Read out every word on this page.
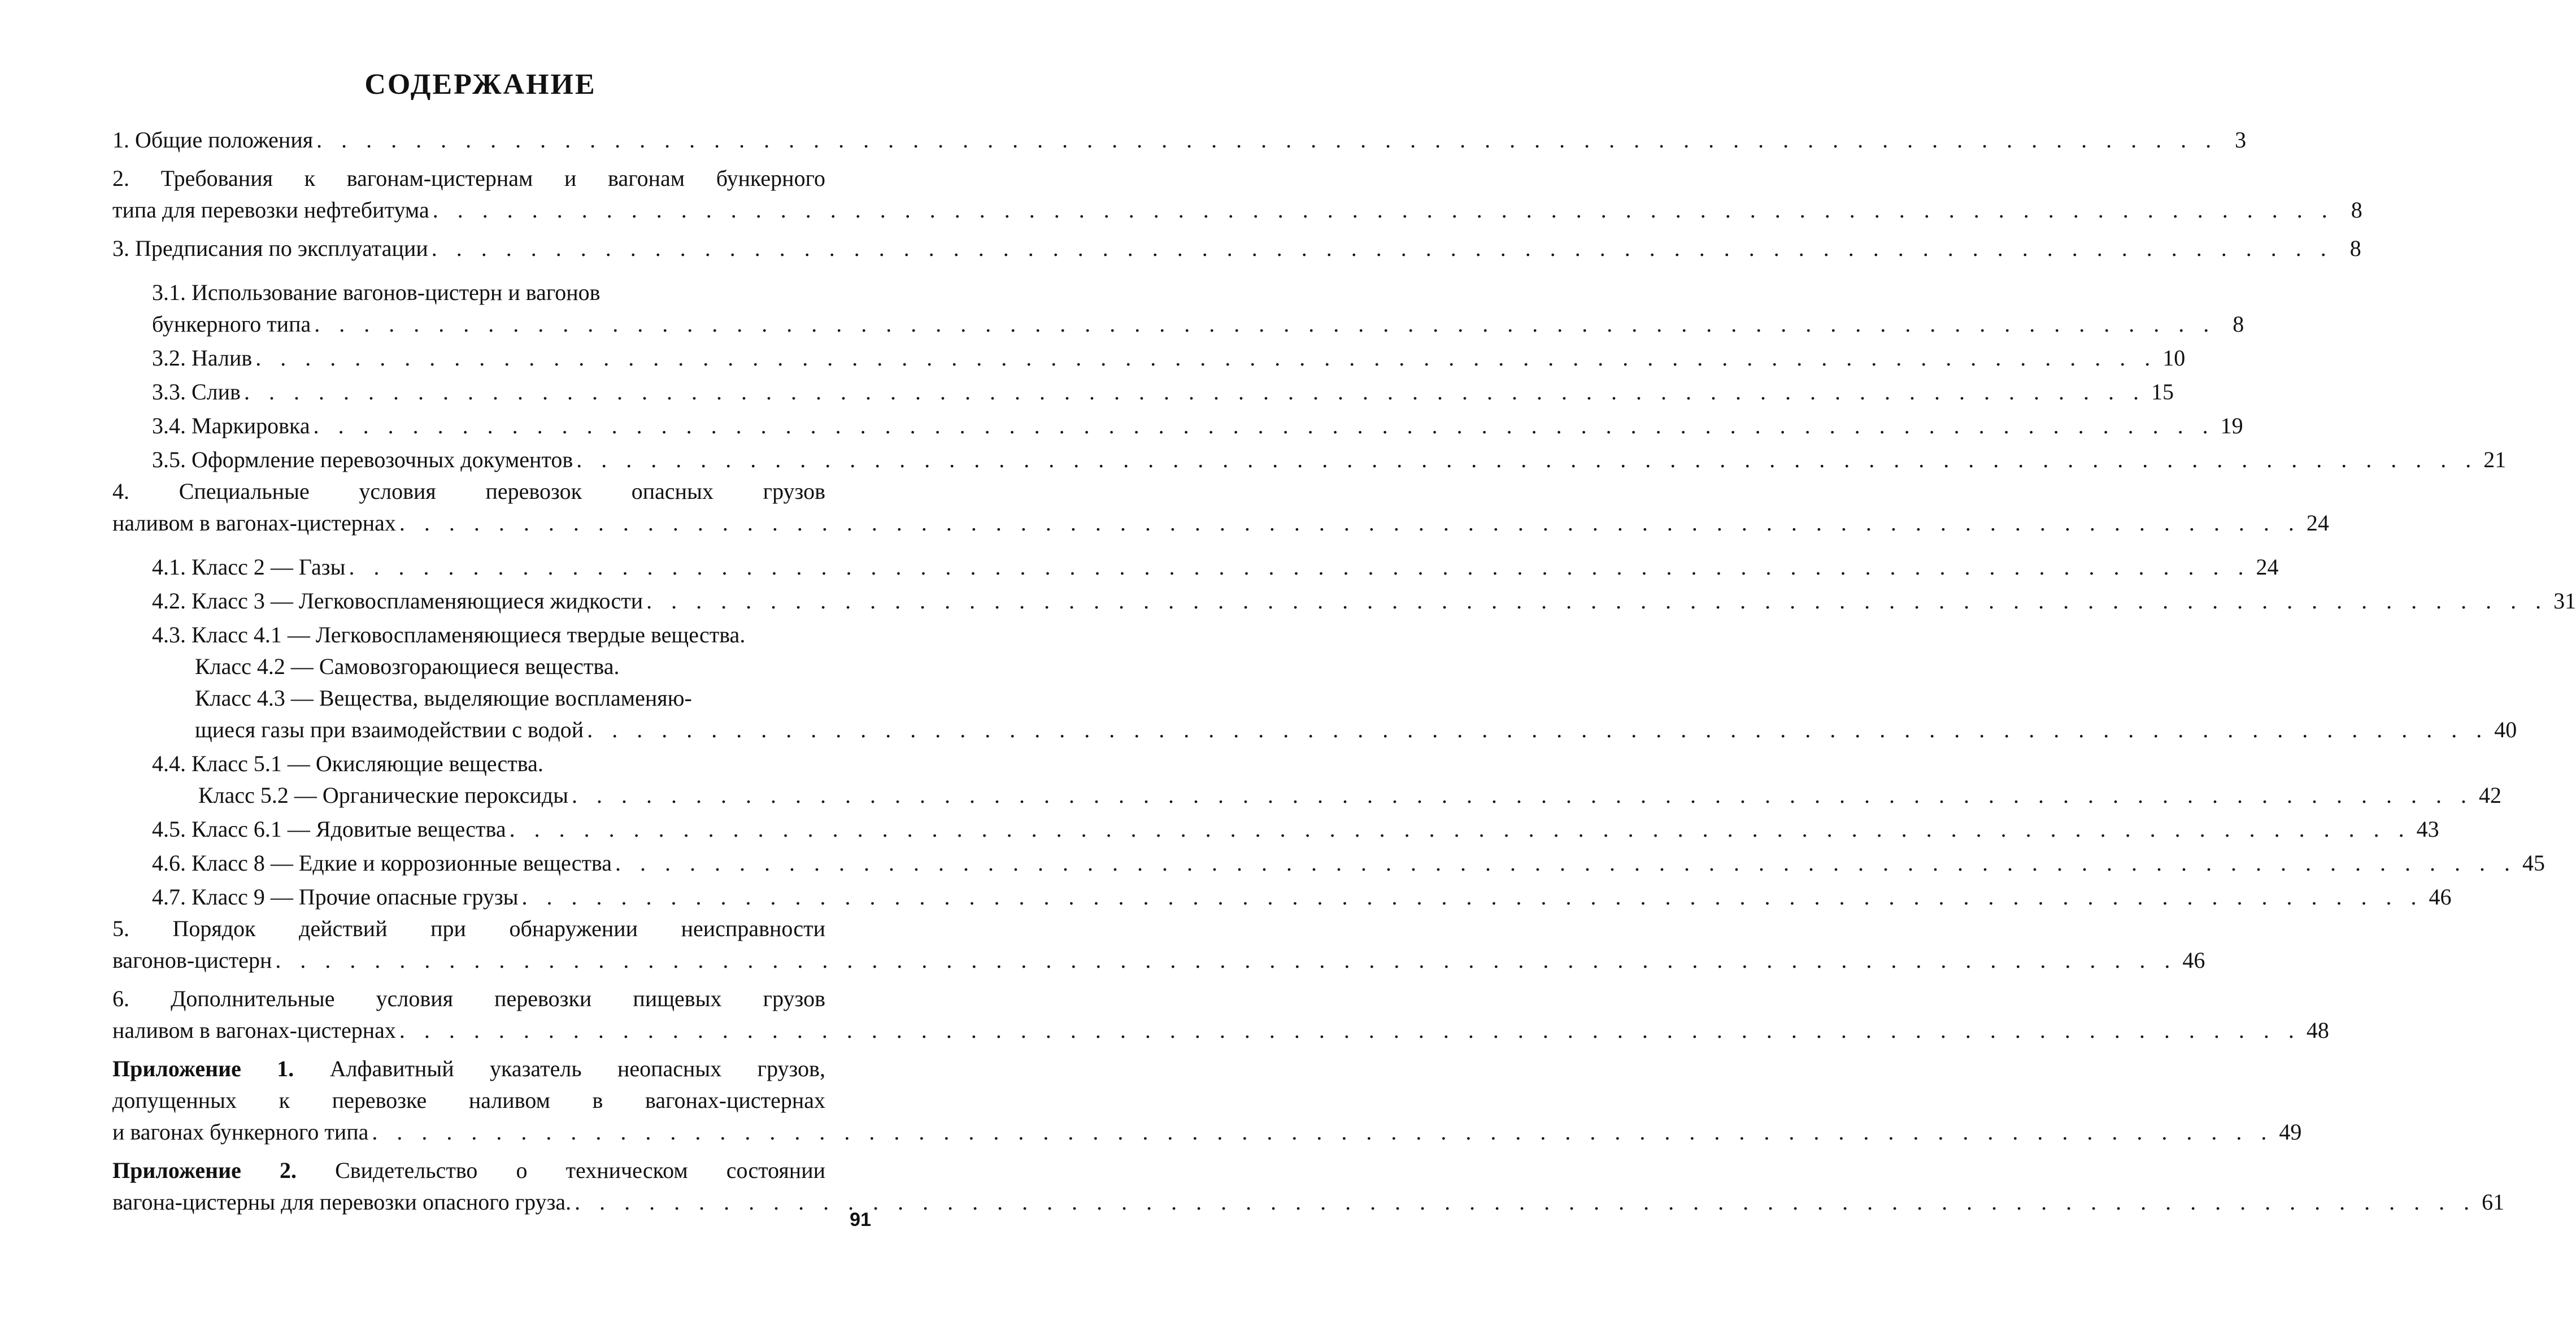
СОДЕРЖАНИЕ
1. Общие положения . . . . . . . . . . . . . . . . . . . . . . . . . . . . . . . . . . . . . . . . . . . . . . . . . . . . . . . . . . . . . . . . . . . . . . . . . . . . . 3
2. Требования к вагонам-цистернам и вагонам бункерного
типа для перевозки нефтебитума . . . . . . . . . . . . . . . . . . . . . . . . . . . . . . . . . . . . . . . . . . . . . . . . . . . . . . . . . . . . . . . . . . . . . . . . . . . . . 8
3. Предписания по эксплуатации . . . . . . . . . . . . . . . . . . . . . . . . . . . . . . . . . . . . . . . . . . . . . . . . . . . . . . . . . . . . . . . . . . . . . . . . . . . . . 8
3.1. Использование вагонов-цистерн и вагонов
бункерного типа . . . . . . . . . . . . . . . . . . . . . . . . . . . . . . . . . . . . . . . . . . . . . . . . . . . . . . . . . . . . . . . . . . . . . . . . . . . . . 8
3.2. Налив . . . . . . . . . . . . . . . . . . . . . . . . . . . . . . . . . . . . . . . . . . . . . . . . . . . . . . . . . . . . . . . . . . . . . . . . . . . . . 10
3.3. Слив . . . . . . . . . . . . . . . . . . . . . . . . . . . . . . . . . . . . . . . . . . . . . . . . . . . . . . . . . . . . . . . . . . . . . . . . . . . . . 15
3.4. Маркировка . . . . . . . . . . . . . . . . . . . . . . . . . . . . . . . . . . . . . . . . . . . . . . . . . . . . . . . . . . . . . . . . . . . . . . . . . . . . . 19
3.5. Оформление перевозочных документов . . . . . . . . . . . . . . . . . . . . . . . . . . . . . . . . . . . . . . . . . . . . . . . . . . . . . . . . . . . . . . . . . . . . . . . . . . . . . 21
4. Специальные условия перевозок опасных грузов
наливом в вагонах-цистернах . . . . . . . . . . . . . . . . . . . . . . . . . . . . . . . . . . . . . . . . . . . . . . . . . . . . . . . . . . . . . . . . . . . . . . . . . . . . . 24
4.1. Класс 2 — Газы . . . . . . . . . . . . . . . . . . . . . . . . . . . . . . . . . . . . . . . . . . . . . . . . . . . . . . . . . . . . . . . . . . . . . . . . . . . . . 24
4.2. Класс 3 — Легковоспламеняющиеся жидкости . . . . . . . . . . . . . . . . . . . . . . . . . . . . . . . . . . . . . . . . . . . . . . . . . . . . . . . . . . . . . . . . . . . . . . . . . . . . . 31
4.3. Класс 4.1 — Легковоспламеняющиеся твердые вещества.
Класс 4.2 — Самовозгорающиеся вещества.
Класс 4.3 — Вещества, выделяющие воспламеняю-
щиеся газы при взаимодействии с водой . . . . . . . . . . . . . . . . . . . . . . . . . . . . . . . . . . . . . . . . . . . . . . . . . . . . . . . . . . . . . . . . . . . . . . . . . . . . . 40
4.4. Класс 5.1 — Окисляющие вещества.
Класс 5.2 — Органические пероксиды . . . . . . . . . . . . . . . . . . . . . . . . . . . . . . . . . . . . . . . . . . . . . . . . . . . . . . . . . . . . . . . . . . . . . . . . . . . . . 42
4.5. Класс 6.1 — Ядовитые вещества . . . . . . . . . . . . . . . . . . . . . . . . . . . . . . . . . . . . . . . . . . . . . . . . . . . . . . . . . . . . . . . . . . . . . . . . . . . . . 43
4.6. Класс 8 — Едкие и коррозионные вещества . . . . . . . . . . . . . . . . . . . . . . . . . . . . . . . . . . . . . . . . . . . . . . . . . . . . . . . . . . . . . . . . . . . . . . . . . . . . . 45
4.7. Класс 9 — Прочие опасные грузы . . . . . . . . . . . . . . . . . . . . . . . . . . . . . . . . . . . . . . . . . . . . . . . . . . . . . . . . . . . . . . . . . . . . . . . . . . . . . 46
5. Порядок действий при обнаружении неисправности
вагонов-цистерн . . . . . . . . . . . . . . . . . . . . . . . . . . . . . . . . . . . . . . . . . . . . . . . . . . . . . . . . . . . . . . . . . . . . . . . . . . . . . 46
6. Дополнительные условия перевозки пищевых грузов
наливом в вагонах-цистернах . . . . . . . . . . . . . . . . . . . . . . . . . . . . . . . . . . . . . . . . . . . . . . . . . . . . . . . . . . . . . . . . . . . . . . . . . . . . . 48
Приложение 1. Алфавитный указатель неопасных грузов,
допущенных к перевозке наливом в вагонах-цистернах
и вагонах бункерного типа . . . . . . . . . . . . . . . . . . . . . . . . . . . . . . . . . . . . . . . . . . . . . . . . . . . . . . . . . . . . . . . . . . . . . . . . . . . . . 49
Приложение 2. Свидетельство о техническом состоянии
вагона-цистерны для перевозки опасного груза. . . . . . . . . . . . . . . . . . . . . . . . . . . . . . . . . . . . . . . . . . . . . . . . . . . . . . . . . . . . . . . . . . . . . . . . . . . . . . 61
91
